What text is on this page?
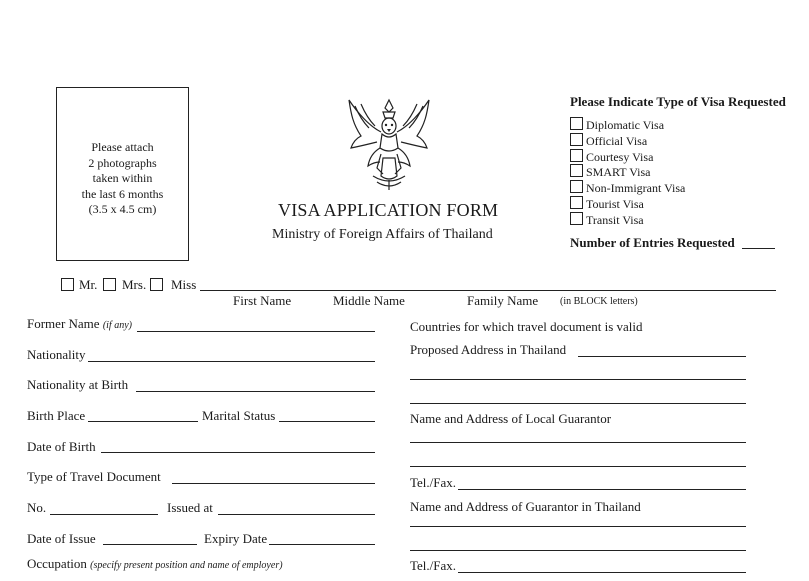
Please attach
2 photographs
taken within
the last 6 months
(3.5 x 4.5 cm)	VISA APPLICATION FORM
Ministry of Foreign Affairs of Thailand
Please Indicate Type of Visa Requested
Diplomatic Visa
Official Visa
Courtesy Visa
SMART Visa
Non-Immigrant Visa
Tourist Visa
Transit Visa
Number of Entries Requested
Mr. Mrs. Miss
First Name	Middle Name	Family Name (in BLOCK letters)
Former Name (if any)
Nationality
Nationality at Birth
Birth Place	Marital Status
Date of Birth
Type of Travel Document
No.	Issued at
Date of Issue	Expiry Date
Occupation (specify present position and name of employer)
Countries for which travel document is valid
Proposed Address in Thailand
Name and Address of Local Guarantor
Tel./Fax.
Name and Address of Guarantor in Thailand
Tel./Fax.
